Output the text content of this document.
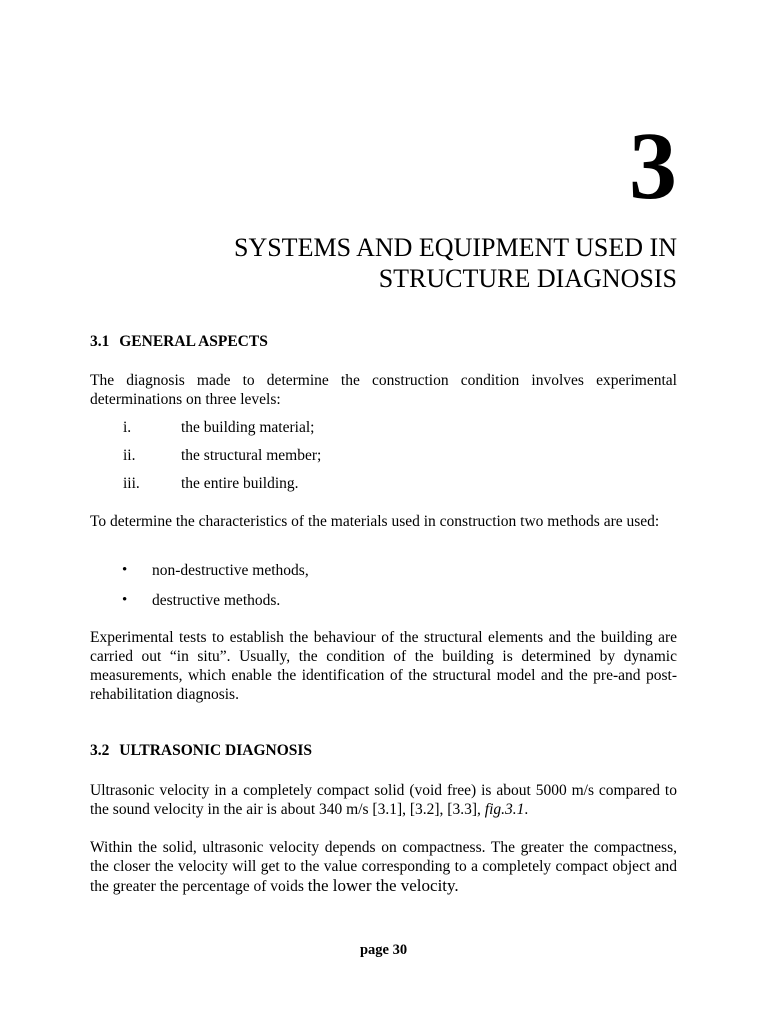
3
SYSTEMS AND EQUIPMENT USED IN
STRUCTURE DIAGNOSIS
3.1 GENERAL ASPECTS
The diagnosis made to determine the construction condition involves experimental determinations on three levels:
i.	the building material;
ii.	the structural member;
iii.	the entire building.
To determine the characteristics of the materials used in construction two methods are used:
•	non-destructive methods,
•	destructive methods.
Experimental tests to establish the behaviour of the structural elements and the building are carried out “in situ”. Usually, the condition of the building is determined by dynamic measurements, which enable the identification of the structural model and the pre-and post-rehabilitation diagnosis.
3.2 ULTRASONIC DIAGNOSIS
Ultrasonic velocity in a completely compact solid (void free) is about 5000 m/s compared to the sound velocity in the air is about 340 m/s [3.1], [3.2], [3.3], fig.3.1.
Within the solid, ultrasonic velocity depends on compactness. The greater the compactness, the closer the velocity will get to the value corresponding to a completely compact object and the greater the percentage of voids the lower the velocity.
page 30
